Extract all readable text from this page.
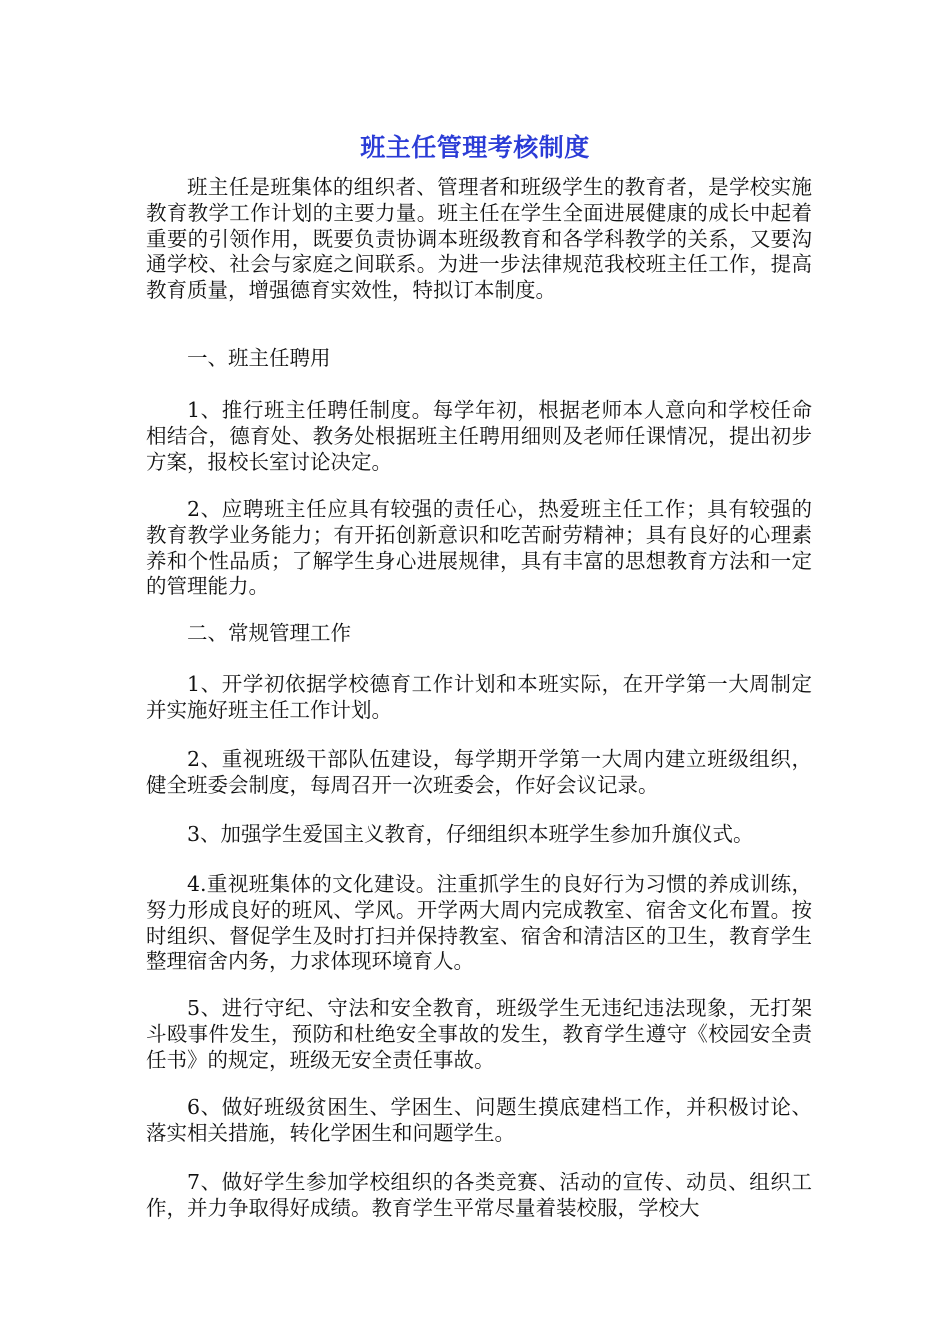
班主任管理考核制度

班主任是班集体的组织者、管理者和班级学生的教育者，是学校实施教育教学工作计划的主要力量。班主任在学生全面进展健康的成长中起着重要的引领作用，既要负责协调本班级教育和各学科教学的关系，又要沟通学校、社会与家庭之间联系。为进一步法律规范我校班主任工作，提高教育质量，增强德育实效性，特拟订本制度。

一、班主任聘用

1、推行班主任聘任制度。每学年初，根据老师本人意向和学校任命相结合，德育处、教务处根据班主任聘用细则及老师任课情况，提出初步方案，报校长室讨论决定。

2、应聘班主任应具有较强的责任心，热爱班主任工作；具有较强的教育教学业务能力；有开拓创新意识和吃苦耐劳精神；具有良好的心理素养和个性品质；了解学生身心进展规律，具有丰富的思想教育方法和一定的管理能力。

二、常规管理工作

1、开学初依据学校德育工作计划和本班实际，在开学第一大周制定并实施好班主任工作计划。

2、重视班级干部队伍建设，每学期开学第一大周内建立班级组织，健全班委会制度，每周召开一次班委会，作好会议记录。

3、加强学生爱国主义教育，仔细组织本班学生参加升旗仪式。

4.重视班集体的文化建设。注重抓学生的良好行为习惯的养成训练，努力形成良好的班风、学风。开学两大周内完成教室、宿舍文化布置。按时组织、督促学生及时打扫并保持教室、宿舍和清洁区的卫生，教育学生整理宿舍内务，力求体现环境育人。

5、进行守纪、守法和安全教育，班级学生无违纪违法现象，无打架斗殴事件发生，预防和杜绝安全事故的发生，教育学生遵守《校园安全责任书》的规定，班级无安全责任事故。

6、做好班级贫困生、学困生、问题生摸底建档工作，并积极讨论、落实相关措施，转化学困生和问题学生。

7、做好学生参加学校组织的各类竞赛、活动的宣传、动员、组织工作，并力争取得好成绩。教育学生平常尽量着装校服，学校大
